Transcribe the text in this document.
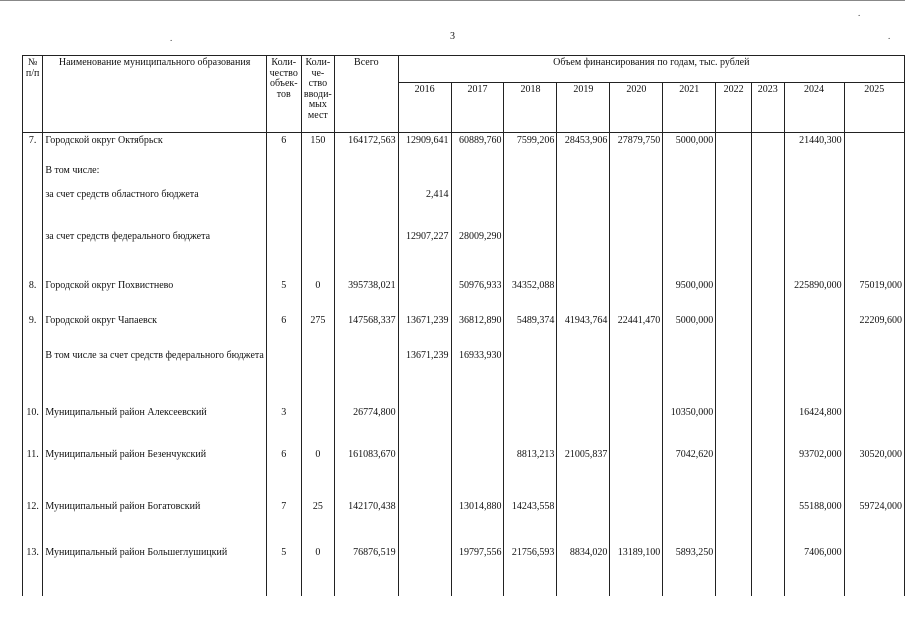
3
.
.
.
№ п/п	Наименование муниципального образования	Коли-чество объек-тов	Коли-че-ство вводи-мых мест	Всего	Объем финансирования по годам, тыс. рублей									
					2016	2017	2018	2019	2020	2021	2022	2023	2024	2025
7.	Городской округ Октябрьск	6	150	164172,563	12909,641	60889,760	7599,206	28453,906	27879,750	5000,000			21440,300	
	В том числе:													
	за счет средств областного бюджета				2,414									
	за счет средств федерального бюджета				12907,227	28009,290								
8.	Городской округ Похвистнево	5	0	395738,021		50976,933	34352,088			9500,000			225890,000	75019,000
9.	Городской округ Чапаевск	6	275	147568,337	13671,239	36812,890	5489,374	41943,764	22441,470	5000,000				22209,600
	В том числе за счет средств федерального бюджета				13671,239	16933,930								
10.	Муниципальный район Алексеевский	3		26774,800						10350,000			16424,800	
11.	Муниципальный район Безенчукский	6	0	161083,670			8813,213	21005,837		7042,620			93702,000	30520,000
12.	Муниципальный район Богатовский	7	25	142170,438		13014,880	14243,558						55188,000	59724,000
13.	Муниципальный район Большеглушицкий	5	0	76876,519		19797,556	21756,593	8834,020	13189,100	5893,250			7406,000	
